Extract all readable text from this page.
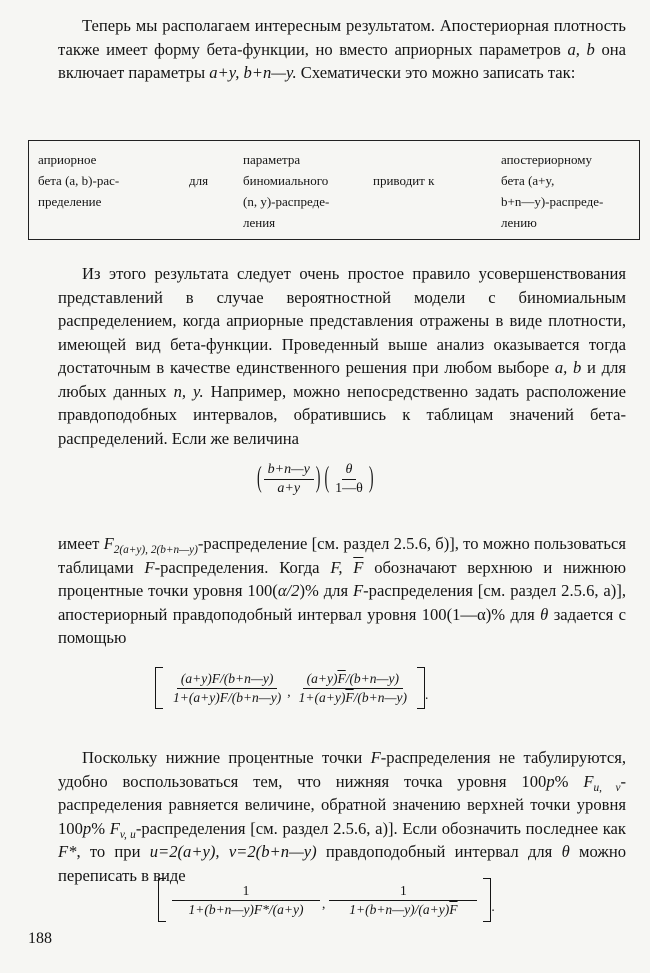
Теперь мы располагаем интересным результатом. Апостериорная плотность также имеет форму бета-функции, но вместо априорных параметров a, b она включает параметры a+y, b+n—y. Схематически это можно записать так:

априорное
бета (a, b)-рас-
пределение
для
параметра
биномиального
(n, y)-распреде-
ления
приводит к
апостериорному
бета (a+y,
b+n—y)-распреде-
лению

Из этого результата следует очень простое правило усовершенствования представлений в случае вероятностной модели с биномиальным распределением, когда априорные представления отражены в виде плотности, имеющей вид бета-функции. Проведенный выше анализ оказывается тогда достаточным в качестве единственного решения при любом выборе a, b и для любых данных n, y. Например, можно непосредственно задать расположение правдоподобных интервалов, обратившись к таблицам значений бета-распределений. Если же величина

( $\frac{b+n—y}{a+y}$ ) ( $\frac{\theta}{1—\theta}$ )

имеет $F_{2(a+y), 2(b+n—y)}$-распределение [см. раздел 2.5.6, б)], то можно пользоваться таблицами F-распределения. Когда F, $\overline{F}$ обозначают верхнюю и нижнюю процентные точки уровня 100(α/2)% для F-распределения [см. раздел 2.5.6, а)], апостериорный правдоподобный интервал уровня 100(1—α)% для θ задается с помощью

$\frac{(a+y)F/(b+n—y)}{1+(a+y)F/(b+n—y)}$ , $\frac{(a+y)\overline{F}/(b+n—y)}{1+(a+y)\overline{F}/(b+n—y)}$ .

Поскольку нижние процентные точки F-распределения не табулируются, удобно воспользоваться тем, что нижняя точка уровня 100p% $F_{u, v}$-распределения равняется величине, обратной значению верхней точки уровня 100p% $F_{v, u}$-распределения [см. раздел 2.5.6, а)]. Если обозначить последнее как F*, то при u=2(a+y), v=2(b+n—y) правдоподобный интервал для θ можно переписать в виде

$\frac{1}{1+(b+n—y)F*/(a+y)}$ , $\frac{1}{1+(b+n—y)/(a+y)\overline{F}}$ .
188
